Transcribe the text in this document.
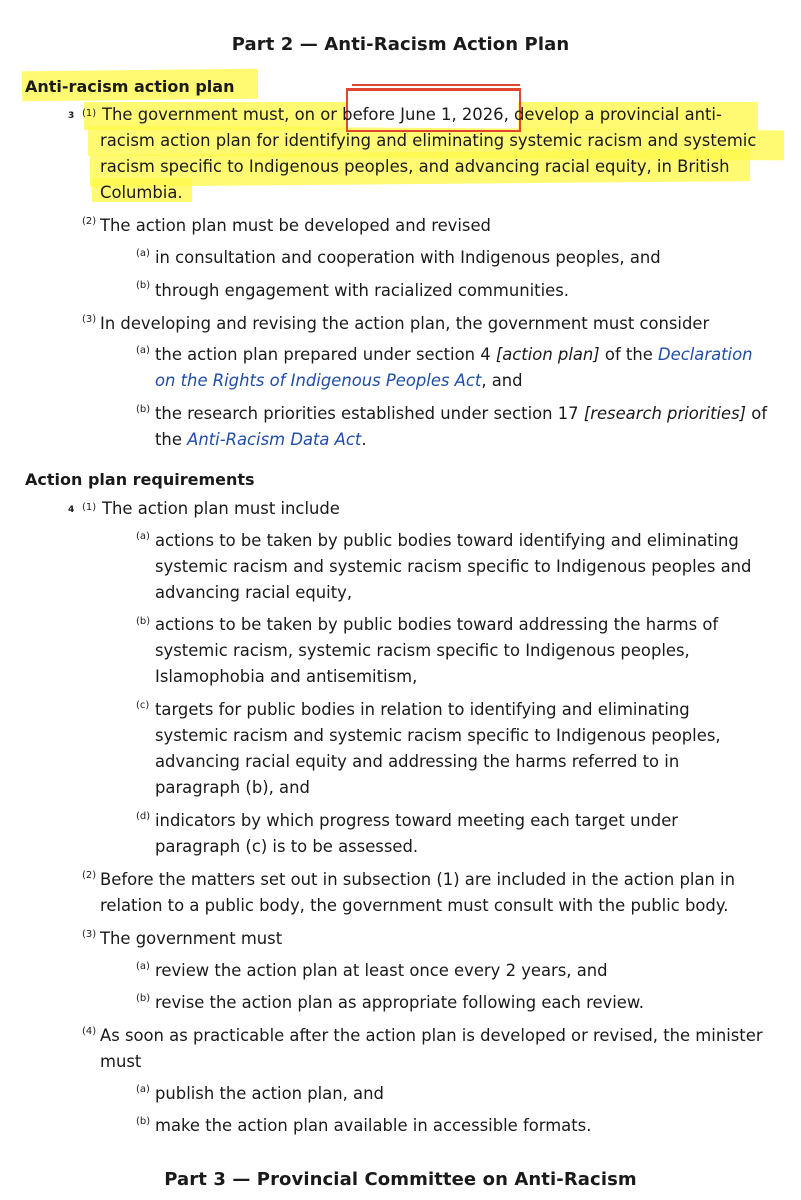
Part 2 — Anti-Racism Action Plan
Anti-racism action plan
3 (1) The government must, on or before June 1, 2026, develop a provincial anti-
racism action plan for identifying and eliminating systemic racism and systemic
racism specific to Indigenous peoples, and advancing racial equity, in British
Columbia.
(2) The action plan must be developed and revised
(a) in consultation and cooperation with Indigenous peoples, and
(b) through engagement with racialized communities.
(3) In developing and revising the action plan, the government must consider
(a) the action plan prepared under section 4 [action plan] of the Declaration
on the Rights of Indigenous Peoples Act, and
(b) the research priorities established under section 17 [research priorities] of
the Anti-Racism Data Act.
Action plan requirements
4 (1) The action plan must include
(a) actions to be taken by public bodies toward identifying and eliminating
systemic racism and systemic racism specific to Indigenous peoples and
advancing racial equity,
(b) actions to be taken by public bodies toward addressing the harms of
systemic racism, systemic racism specific to Indigenous peoples,
Islamophobia and antisemitism,
(c) targets for public bodies in relation to identifying and eliminating
systemic racism and systemic racism specific to Indigenous peoples,
advancing racial equity and addressing the harms referred to in
paragraph (b), and
(d) indicators by which progress toward meeting each target under
paragraph (c) is to be assessed.
(2) Before the matters set out in subsection (1) are included in the action plan in
relation to a public body, the government must consult with the public body.
(3) The government must
(a) review the action plan at least once every 2 years, and
(b) revise the action plan as appropriate following each review.
(4) As soon as practicable after the action plan is developed or revised, the minister
must
(a) publish the action plan, and
(b) make the action plan available in accessible formats.
Part 3 — Provincial Committee on Anti-Racism
